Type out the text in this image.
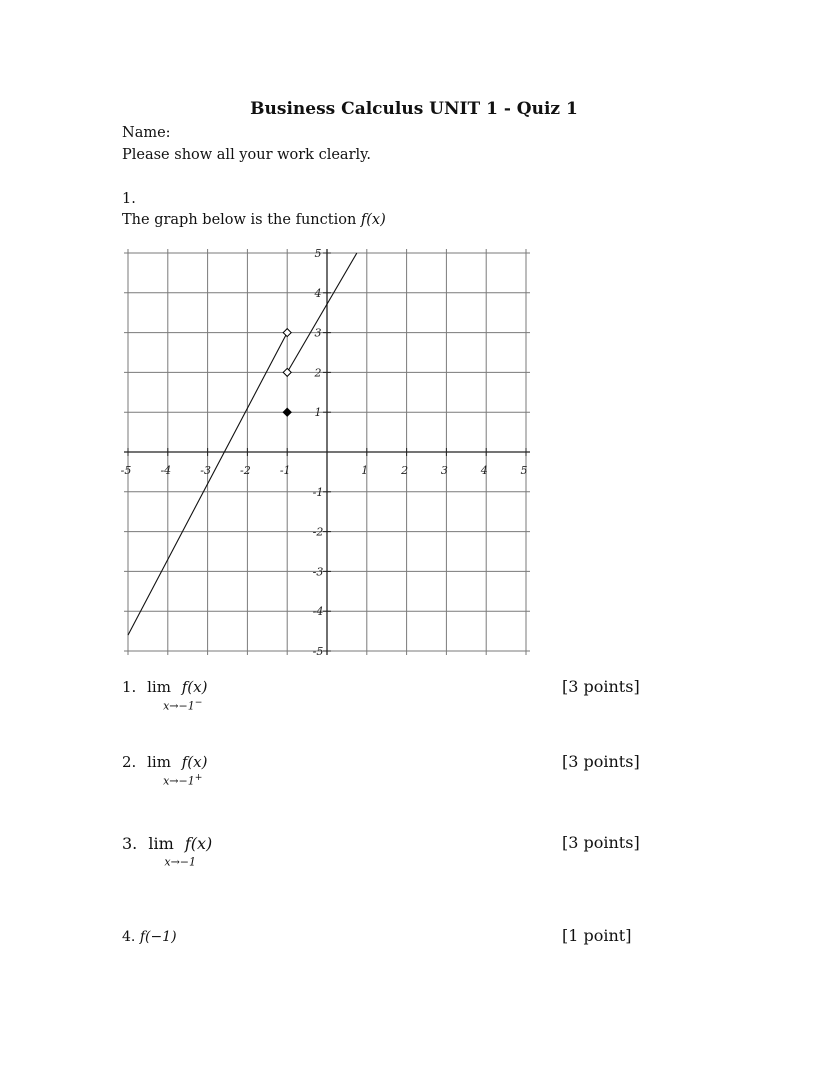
Business Calculus UNIT 1 - Quiz 1
Name:
Please show all your work clearly.
1.
The graph below is the function f(x)
-5	-4	-3	-2	-1	1	2	3	4	5
5
4
3
2
1
-1
-2
-3
-4
-5
1. lim
x→−1−
f(x)	[3 points]
2. lim
x→−1+
f(x)	[3 points]
3. lim
x→−1
f(x)	[3 points]
4. f(−1)	[1 point]
